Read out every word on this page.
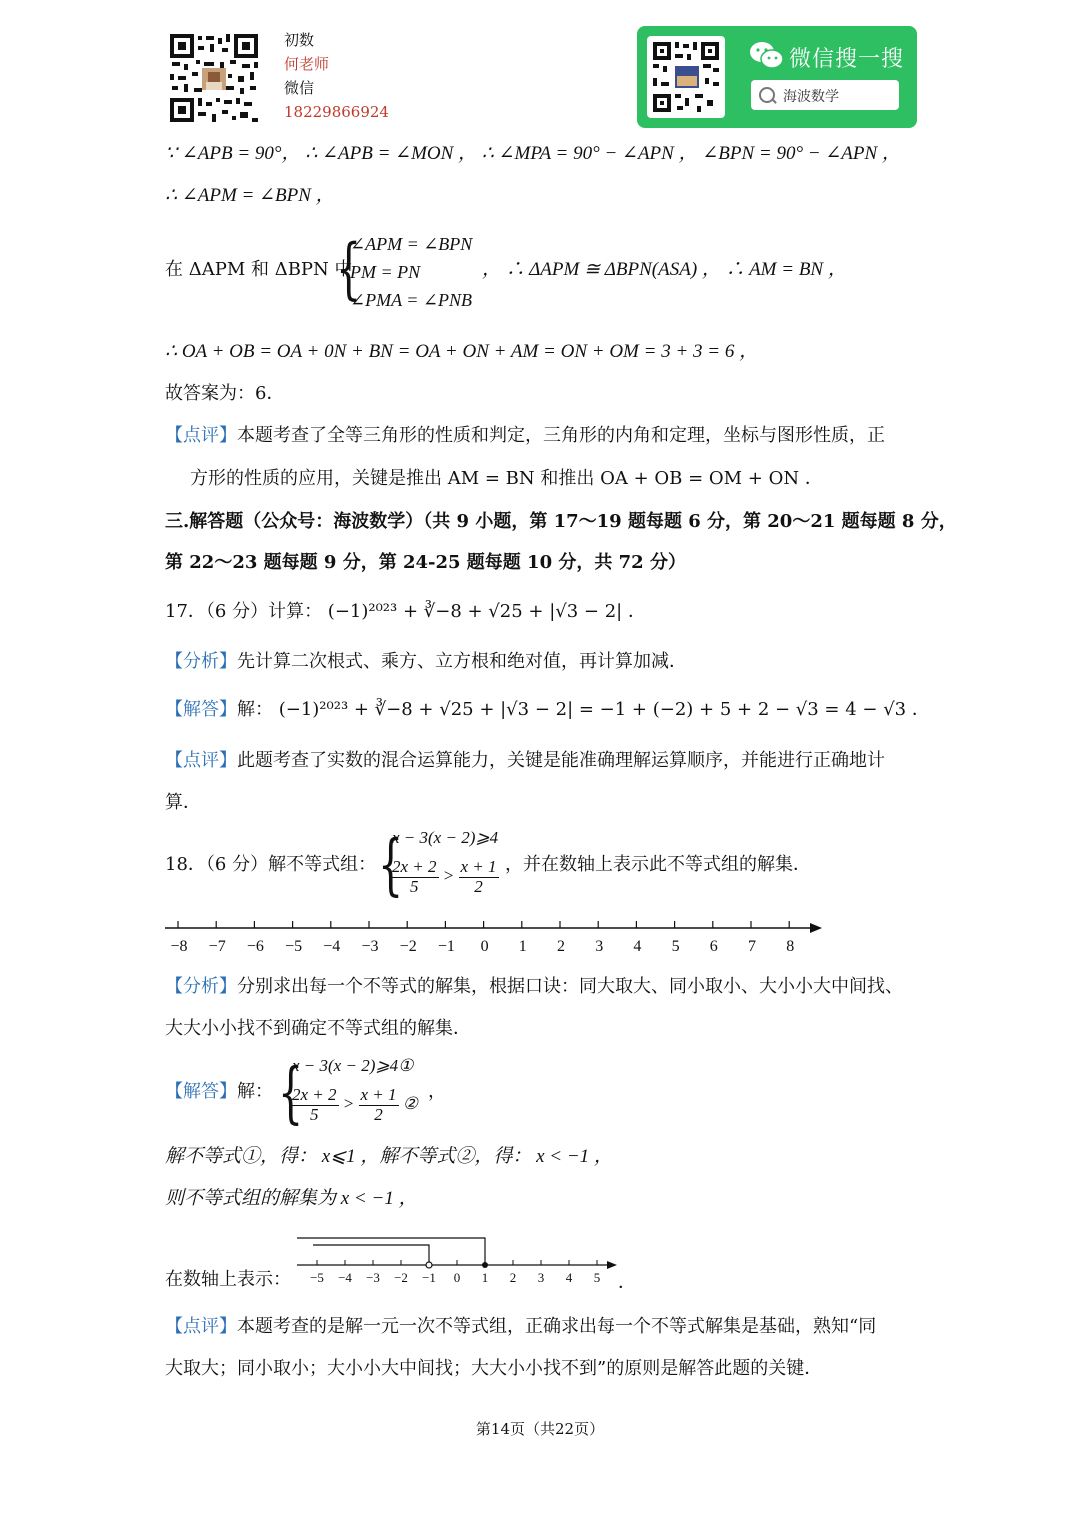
初数
何老师
微信
18229866924
微信搜一搜
海波数学
∵ ∠APB = 90°， ∴ ∠APB = ∠MON ， ∴ ∠MPA = 90° − ∠APN ， ∠BPN = 90° − ∠APN ，
∴ ∠APM = ∠BPN ，
在 ΔAPM 和 ΔBPN 中
{
∠APM = ∠BPN
PM = PN
∠PMA = ∠PNB
， ∴ ΔAPM ≅ ΔBPN(ASA) ， ∴ AM = BN ，
∴ OA + OB = OA + 0N + BN = OA + ON + AM = ON + OM = 3 + 3 = 6 ，
故答案为：6．
【点评】本题考查了全等三角形的性质和判定，三角形的内角和定理，坐标与图形性质，正
方形的性质的应用，关键是推出 AM = BN 和推出 OA + OB = OM + ON ．
三.解答题（公众号：海波数学）（共 9 小题，第 17～19 题每题 6 分，第 20～21 题每题 8 分，
第 22～23 题每题 9 分，第 24-25 题每题 10 分，共 72 分）
17．（6 分）计算： (−1)²⁰²³ + ∛−8 + √25 + |√3 − 2| ．
【分析】先计算二次根式、乘方、立方根和绝对值，再计算加减．
【解答】解： (−1)²⁰²³ + ∛−8 + √25 + |√3 − 2| = −1 + (−2) + 5 + 2 − √3 = 4 − √3 ．
【点评】此题考查了实数的混合运算能力，关键是能准确理解运算顺序，并能进行正确地计
算．
18．（6 分）解不等式组： {
x − 3(x − 2)⩾4
$\frac{2x + 2}{5} > \frac{x + 1}{2}$ ，并在数轴上表示此不等式组的解集．
−8 −7 −6 −5 −4 −3 −2 −1	0	1	2	3	4	5	6	7	8
【分析】分别求出每一个不等式的解集，根据口诀：同大取大、同小取小、大小小大中间找、
大大小小找不到确定不等式组的解集．
【解答】解： {
x − 3(x − 2)⩾4①
$\frac{2x + 2}{5} > \frac{x + 1}{2}$ ②
，
解不等式①，得： x⩽1 ，解不等式②，得： x < −1 ，
则不等式组的解集为 x < −1 ，
在数轴上表示： −5 −4 −3 −2 −1	0	1	2	3	4	5 ．
【点评】本题考查的是解一元一次不等式组，正确求出每一个不等式解集是基础，熟知“同
大取大；同小取小；大小小大中间找；大大小小找不到”的原则是解答此题的关键．
第14页（共22页）
